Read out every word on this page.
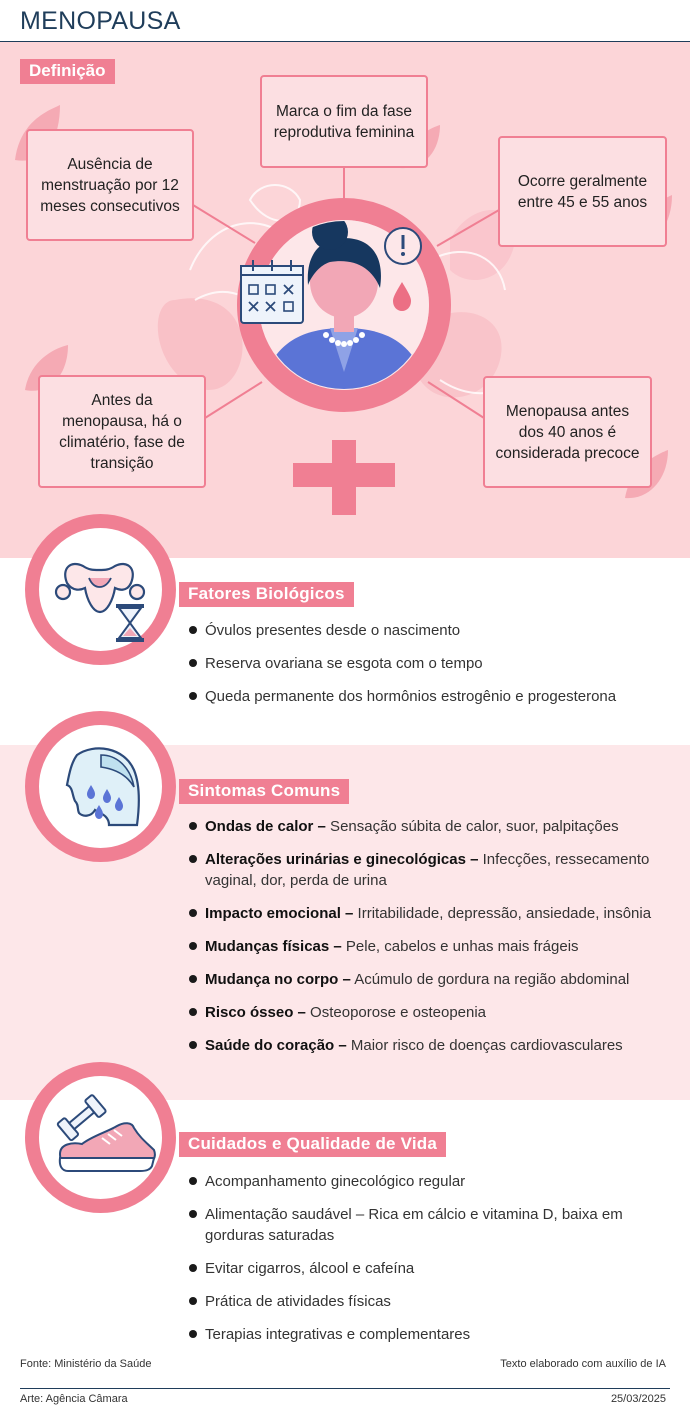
MENOPAUSA
Definição
Ausência de menstruação por 12 meses consecutivos
Marca o fim da fase reprodutiva feminina
Ocorre geralmente entre 45 e 55 anos
Antes da menopausa, há o climatério, fase de transição
Menopausa antes dos 40 anos é considerada precoce
Fatores Biológicos
Óvulos presentes desde o nascimento
Reserva ovariana se esgota com o tempo
Queda permanente dos hormônios estrogênio e progesterona
Sintomas Comuns
Ondas de calor – Sensação súbita de calor, suor, palpitações
Alterações urinárias e ginecológicas – Infecções, ressecamento vaginal, dor, perda de urina
Impacto emocional – Irritabilidade, depressão, ansiedade, insônia
Mudanças físicas – Pele, cabelos e unhas mais frágeis
Mudança no corpo – Acúmulo de gordura na região abdominal
Risco ósseo – Osteoporose e osteopenia
Saúde do coração – Maior risco de doenças cardiovasculares
Cuidados e Qualidade de Vida
Acompanhamento ginecológico regular
Alimentação saudável – Rica em cálcio e vitamina D, baixa em gorduras saturadas
Evitar cigarros, álcool e cafeína
Prática de atividades físicas
Terapias integrativas e complementares
Fonte: Ministério da Saúde	Texto elaborado com auxílio de IA
Arte: Agência Câmara	25/03/2025
